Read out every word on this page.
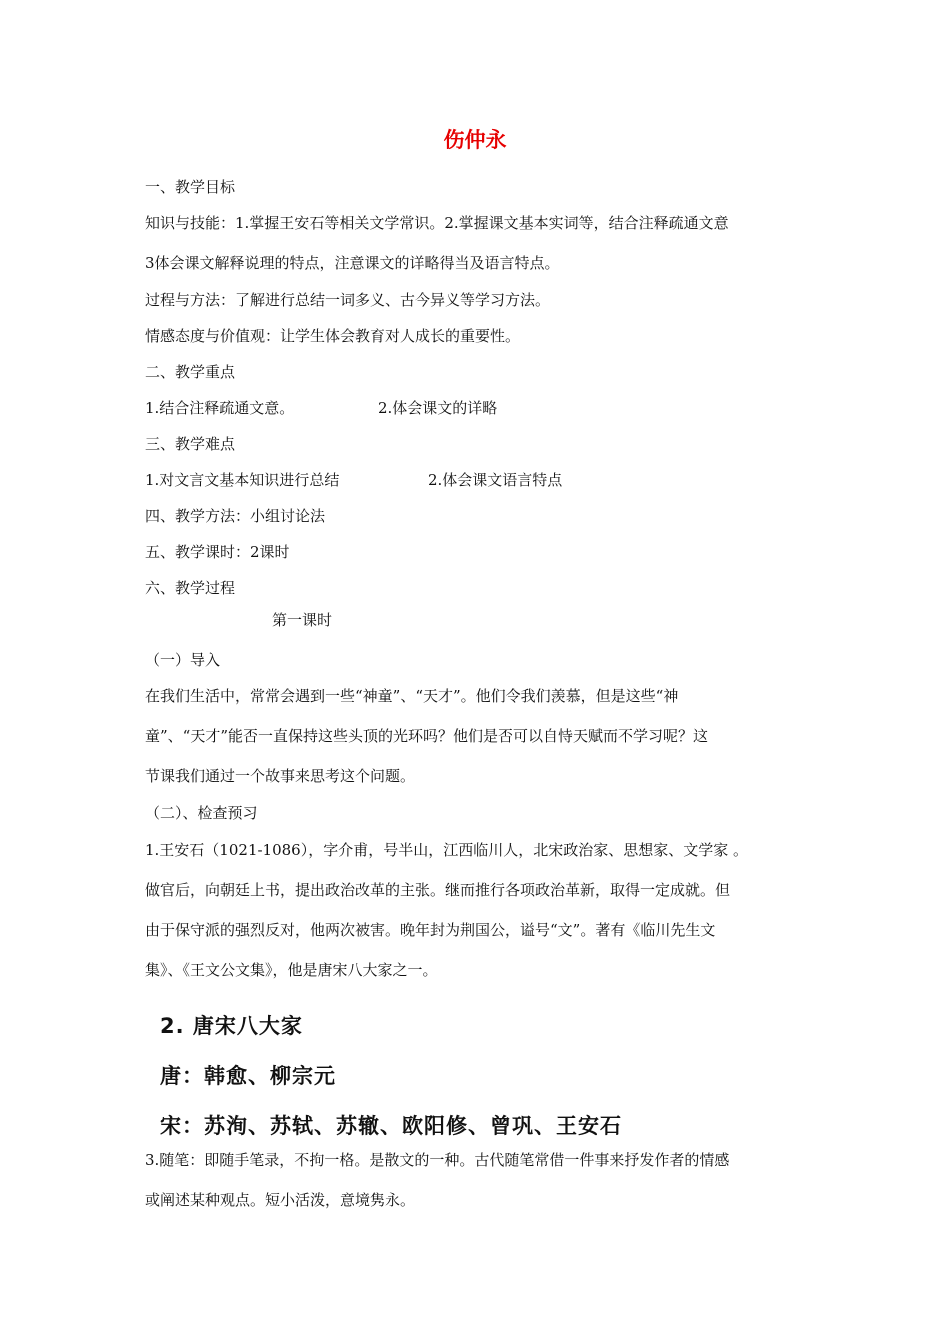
伤仲永
一、教学目标
知识与技能：1.掌握王安石等相关文学常识。2.掌握课文基本实词等，结合注释疏通文意
3体会课文解释说理的特点，注意课文的详略得当及语言特点。
过程与方法：了解进行总结一词多义、古今异义等学习方法。
情感态度与价值观：让学生体会教育对人成长的重要性。
二、教学重点
1.结合注释疏通文意。	2.体会课文的详略
三、教学难点
1.对文言文基本知识进行总结	2.体会课文语言特点
四、教学方法：小组讨论法
五、教学课时：2课时
六、教学过程
第一课时
（一）导入
在我们生活中，常常会遇到一些“神童”、“天才”。他们令我们羡慕，但是这些“神
童”、“天才”能否一直保持这些头顶的光环吗？他们是否可以自恃天赋而不学习呢？这
节课我们通过一个故事来思考这个问题。
（二）、检查预习
1.王安石（1021-1086），字介甫，号半山，江西临川人，北宋政治家、思想家、文学家 。
做官后，向朝廷上书，提出政治改革的主张。继而推行各项政治革新，取得一定成就。但
由于保守派的强烈反对，他两次被害。晚年封为荆国公，谥号“文”。著有《临川先生文
集》、《王文公文集》，他是唐宋八大家之一。
2. 唐宋八大家
唐：韩愈、柳宗元
宋：苏洵、苏轼、苏辙、欧阳修、曾巩、王安石
3.随笔：即随手笔录，不拘一格。是散文的一种。古代随笔常借一件事来抒发作者的情感
或阐述某种观点。短小活泼，意境隽永。
